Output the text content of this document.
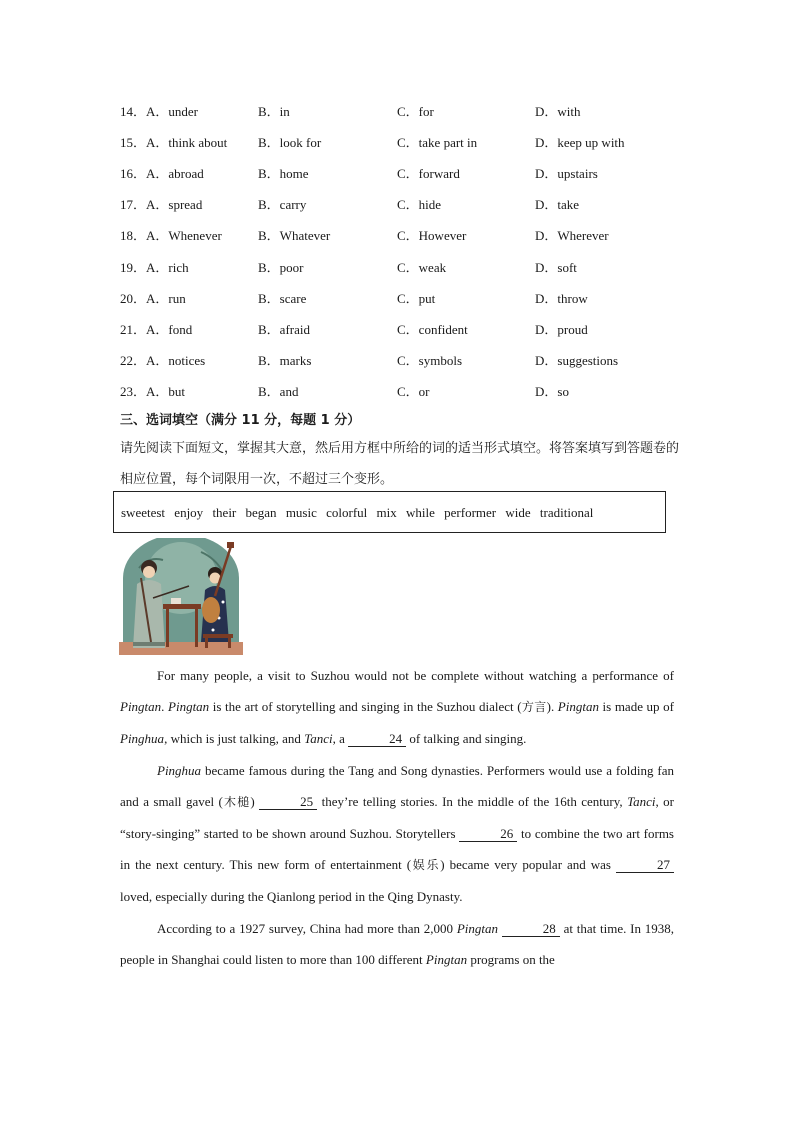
14．A．under	B．in	C．for	D．with
15．A．think about B．look for	C．take part in	D．keep up with
16．A．abroad	B．home	C．forward	D．upstairs
17．A．spread	B．carry	C．hide	D．take
18．A．Whenever	B．Whatever	C．However	D．Wherever
19．A．rich	B．poor	C．weak	D．soft
20．A．run	B．scare	C．put	D．throw
21．A．fond	B．afraid	C．confident	D．proud
22．A．notices	B．marks	C．symbols	D．suggestions
23．A．but	B．and	C．or	D．so
三、选词填空（满分 11 分，每题 1 分）
请先阅读下面短文，掌握其大意，然后用方框中所给的词的适当形式填空。将答案填写到答题卷的相应位置，每个词限用一次，不超过三个变形。
sweetest enjoy their began music colorful mix while performer wide traditional

For many people, a visit to Suzhou would not be complete without watching a performance of Pingtan. Pingtan is the art of storytelling and singing in the Suzhou dialect (方言). Pingtan is made up of Pinghua, which is just talking, and Tanci, a	24 of talking and singing.

Pinghua became famous during the Tang and Song dynasties. Performers would use a folding fan and a small gavel (木槌)	25 they’re telling stories. In the middle of the 16th century, Tanci, or “story-singing” started to be shown around Suzhou. Storytellers	26 to combine the two art forms in the next century. This new form of entertainment (娱乐) became very popular and was	27 loved, especially during the Qianlong period in the Qing Dynasty.

According to a 1927 survey, China had more than 2,000 Pingtan	28 at that time. In 1938, people in Shanghai could listen to more than 100 different Pingtan programs on the
